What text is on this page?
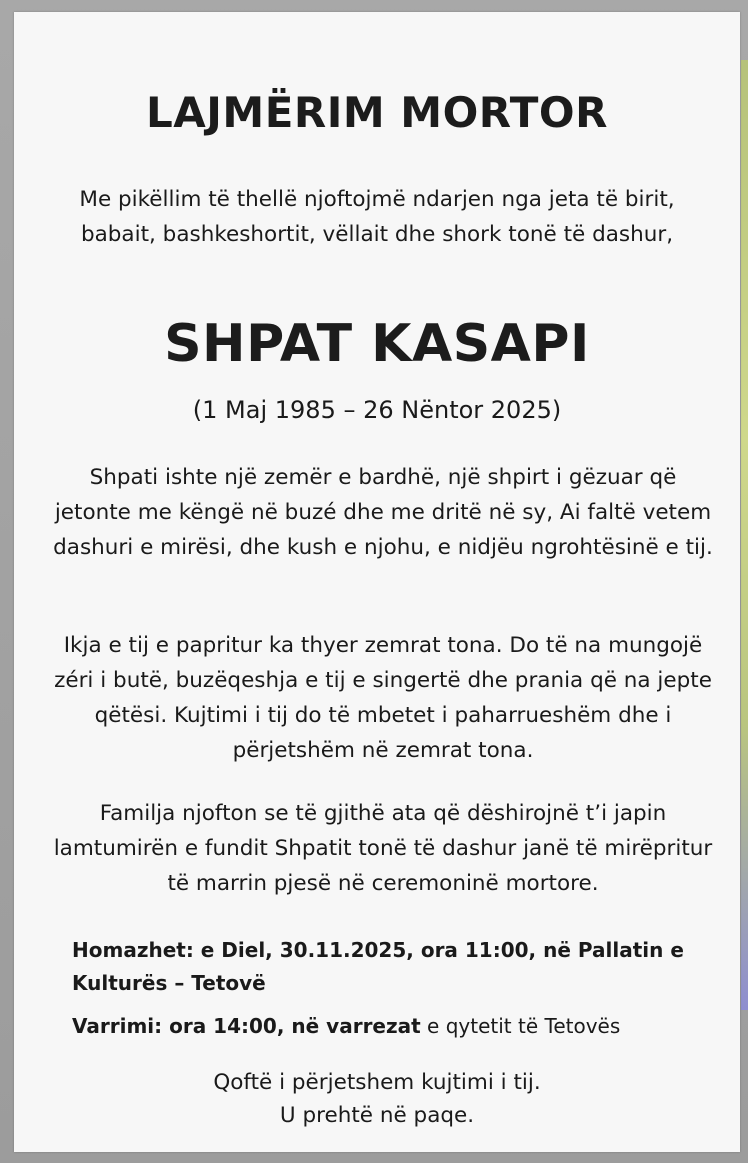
LAJMËRIM MORTOR
Me pikëllim të thellë njoftojmë ndarjen nga jeta të birit, babait, bashkeshortit, vëllait dhe shork tonë të dashur,
SHPAT KASAPI
(1 Maj 1985 – 26 Nëntor 2025)
Shpati ishte një zemër e bardhë, një shpirt i gëzuar që jetonte me këngë në buzé dhe me dritë në sy, Ai faltë vetem dashuri e mirësi, dhe kush e njohu, e nidjëu ngrohtësinë e tij.
Ikja e tij e papritur ka thyer zemrat tona. Do të na mungojë zéri i butë, buzëqeshja e tij e singertë dhe prania që na jepte qëtësi. Kujtimi i tij do të mbetet i paharrueshëm dhe i përjetshëm në zemrat tona.
Familja njofton se të gjithë ata që dëshirojnë t’i japin lamtumirën e fundit Shpatit tonë të dashur janë të mirëpritur të marrin pjesë në ceremoninë mortore.
Homazhet: e Diel, 30.11.2025, ora 11:00, në Pallatin e Kulturës – Tetovë
Varrimi: ora 14:00, në varrezat e qytetit të Tetovës
Qoftë i përjetshem kujtimi i tij.
U prehtë në paqe.
